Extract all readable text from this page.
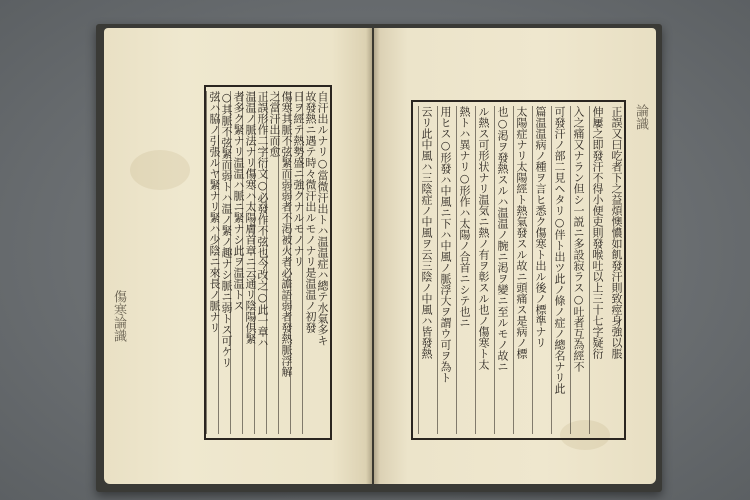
傷寒論識
論識
自汗出ルナリ○當微汗出トハ温温症ハ總テ水氣多キ
故發熱ニ遇テ時々微汗出ルモノナリ是温温ノ初發
日ヲ經テ熱勢盛ニ強クナルモノナリ
傷寒其脈不弦緊而弱弱者不渇被火者必譫語弱者發熱脈浮解
之當汗出而愈
正誤形作二字衍文○必發作不弦也今改之○此一章ハ
温温ノ脈法ナリ傷寒ハ太陽膚首章ニ云通リ陰陽倶緊
者多ク緊ナリ温温ハ脈ニ緊ナシ此ヲ温温トス
○其脈不弦緊而弱トハ温ノ緊ノ趣ナシ脈ニ弱トス可ケリ
弦ハ脇ノ引張ルヤ緊ナリ緊ハ少陰ニ來長ノ脈ナリ	正誤又曰吃者下之益煩懊憹如飢發汗則致痙身強以脹
伸屢之即發汗不得小便吏則發喉吐以上三十七字疑衍
入之痛又ナラン但シ一説ニ多設寂ラス○吐者互為經不
可發汗ノ部二見ヘタリ○伴ト出ツ此ノ條ノ症ノ總名ナリ此
篇温温病ノ種ヲ言ヒ悉ク傷寒ト出ル後ノ標準ナリ
太陽症ナリ太陽經ト熱氣發スル故ニ頭痛ス是病ノ標
也○渇ヲ發熱スルハ温温ノ腕ニ渇ヲ變ニ至ルモノ故ニ
ル熱ス可形状ナリ温気ニ熱ノ有ヲ彰スル也ノ傷寒ト太
熱トハ異ナリ○形作ハ太陽ノ合首ニシテ也ニ
用ヒス○形發ハ中風ニ下ハ中風ノ脈浮大ヲ謂ウ可ヲ為ト
云リ此中風ハ三陰症ノ中風ヲ云三陰ノ中風ハ皆發熱
